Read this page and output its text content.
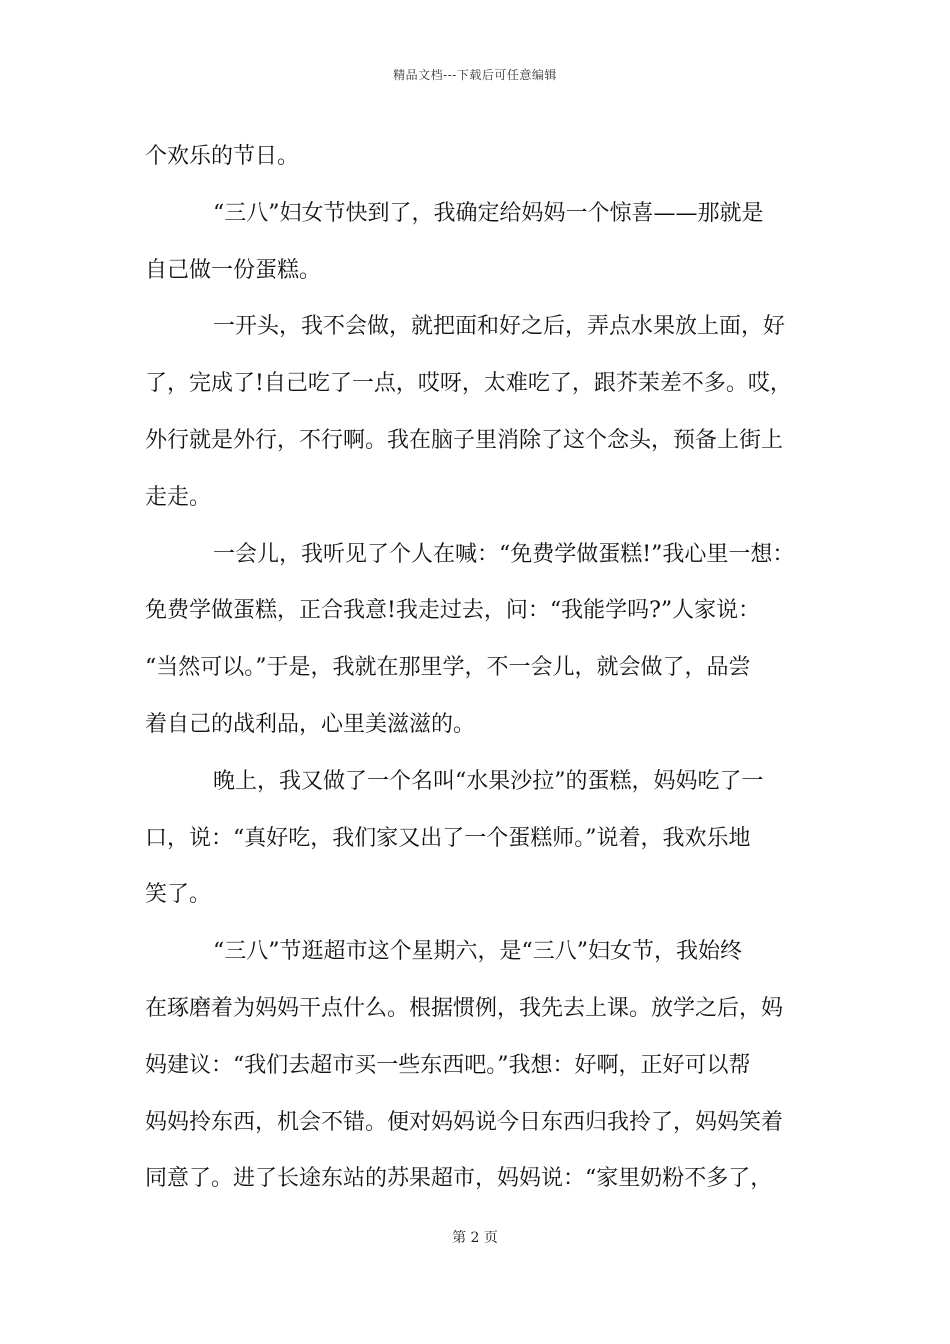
精品文档---下载后可任意编辑
个欢乐的节日。
“三八”妇女节快到了，我确定给妈妈一个惊喜——那就是
自己做一份蛋糕。
一开头，我不会做，就把面和好之后，弄点水果放上面，好
了，完成了!自己吃了一点，哎呀，太难吃了，跟芥茉差不多。哎，
外行就是外行，不行啊。我在脑子里消除了这个念头，预备上街上
走走。
一会儿，我听见了个人在喊：“免费学做蛋糕!”我心里一想：
免费学做蛋糕，正合我意!我走过去，问：“我能学吗?”人家说：
“当然可以。”于是，我就在那里学，不一会儿，就会做了，品尝
着自己的战利品，心里美滋滋的。
晚上，我又做了一个名叫“水果沙拉”的蛋糕，妈妈吃了一
口，说：“真好吃，我们家又出了一个蛋糕师。”说着，我欢乐地
笑了。
“三八”节逛超市这个星期六，是“三八”妇女节，我始终
在琢磨着为妈妈干点什么。根据惯例，我先去上课。放学之后，妈
妈建议：“我们去超市买一些东西吧。”我想：好啊，正好可以帮
妈妈拎东西，机会不错。便对妈妈说今日东西归我拎了，妈妈笑着
同意了。进了长途东站的苏果超市，妈妈说：“家里奶粉不多了，
第 2 页
